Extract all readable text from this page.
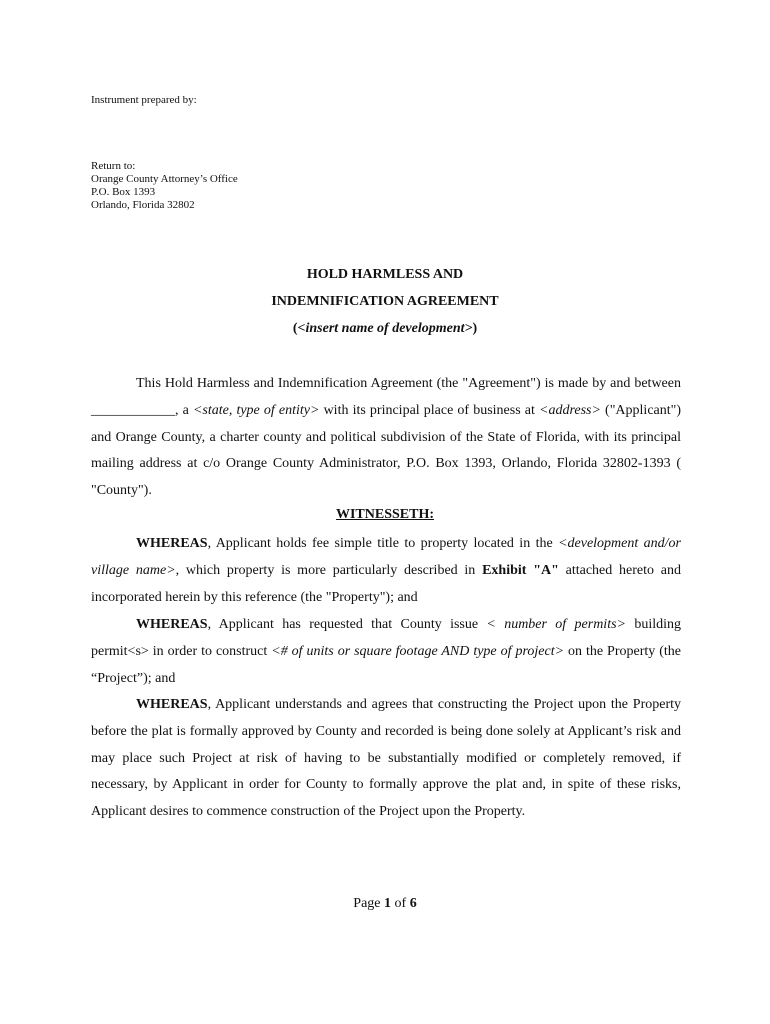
Instrument prepared by:
Return to:
Orange County Attorney’s Office
P.O. Box 1393
Orlando, Florida 32802
HOLD HARMLESS AND
INDEMNIFICATION AGREEMENT
(<insert name of development>)

This Hold Harmless and Indemnification Agreement (the "Agreement") is made by and between ____________, a <state, type of entity> with its principal place of business at <address> ("Applicant") and Orange County, a charter county and political subdivision of the State of Florida, with its principal mailing address at c/o Orange County Administrator, P.O. Box 1393, Orlando, Florida 32802-1393 ( "County").

WITNESSETH:

WHEREAS, Applicant holds fee simple title to property located in the <development and/or village name>, which property is more particularly described in Exhibit "A" attached hereto and incorporated herein by this reference (the "Property"); and

WHEREAS, Applicant has requested that County issue < number of permits> building permit<s> in order to construct <# of units or square footage AND type of project> on the Property (the “Project”); and

WHEREAS, Applicant understands and agrees that constructing the Project upon the Property before the plat is formally approved by County and recorded is being done solely at Applicant’s risk and may place such Project at risk of having to be substantially modified or completely removed, if necessary, by Applicant in order for County to formally approve the plat and, in spite of these risks, Applicant desires to commence construction of the Project upon the Property.

Page 1 of 6
